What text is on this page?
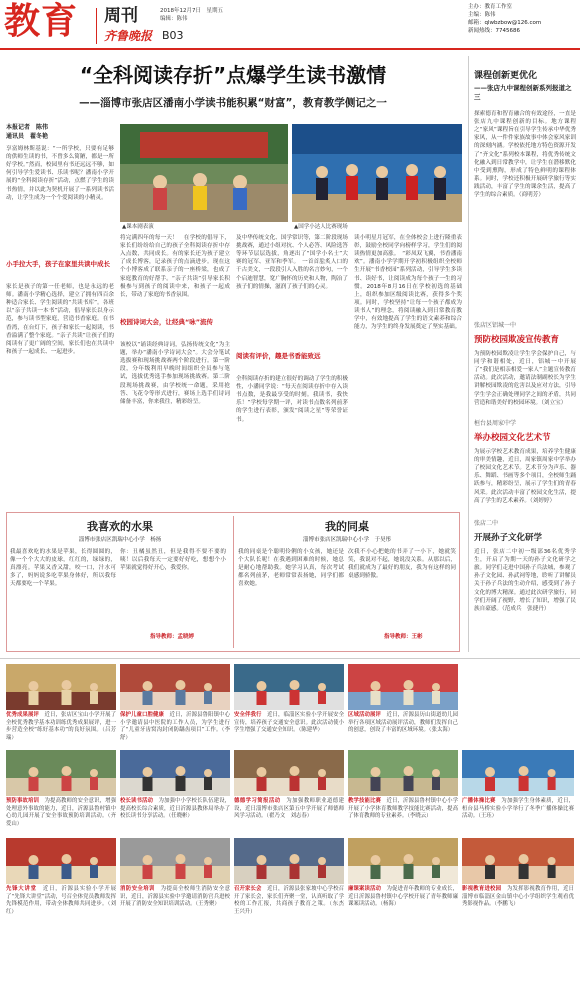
教育 周刊	2018年12月7日　星期五
编辑：陈伟
齐鲁晚报 B03
主办：教育工作室
主编：陈伟
邮箱：qlwbzbow@126.com
新闻热线：7745686
“全科阅读存折”点爆学生读书激情
——淄博市张店区潘南小学读书能积累“财富”，教育教学侧记之一
本报记者　陈伟
通讯员　翟冬艳
享富姆林斯基说：“一所学校，只要有足够的供师生读的书，不曾多么简陋，都是一所好学校。”然而，校园里有书还远远不够，如何引导学生爱读书、乐读书呢？潘南小学开展的“全科阅读存折”活动，点燃了学生的读书热情，并以此为契机开展了一系列读书活动，让学生成为一个个爱阅读的小精灵。
小手拉大手，孩子在家里共读中成长
家长是孩子的第一任老师，也是永远的老师。潘南小学精心选择，建立了拥有四百余种适合家长、学生阅读的“共读书库”。各班以“亲子共读一本书”活动，倡导家长以身示范，参与读书型家庭，营造书香家庭。在书香湾，在台灯下，孩子和家长一起阅读，书香溢满了整个家庭。“亲子共读”让孩子们的阅读有了更广阔的空间，家长们也在共读中和孩子一起成长、一起进步。
▲课本剧表演	▲国学小达人比赛现场
将完满四年的每一天！　在学校的倡导下，家长们纷纷给自己的孩子全科阅读存折中存入点数，共同成长。有的家长还为孩子建立了成长博客，记录孩子的点滴进步。现在这个小博客成了联系亲子的一座桥梁，也成了家庭教育的好帮手。“亲子共读”引导家长积极参与到孩子的阅读中来，和孩子一起成长，带动了家庭的书香氛围。
校园诗词大会，让经典“咏”流传
该校以“诵读经典诗词，弘扬传统文化”为主题，举办“潘南小学诗词大会”。大会分笔试选拔赛和现场挑战赛两个阶段进行。第一阶段，分年级利用早晚时间组织全员参与笔试，选拔优秀选手参加现场挑战赛。第二阶段现场挑战赛，由学校统一命题，采用抢答、飞花令等形式进行，赛场上选手们诗词储备丰富，你来我往，精彩纷呈。
及中华传统文化、国学常识等，第二阶段现场挑战赛，通过小组对抗、个人必答、风险选答等环节层层选拔，角逐出了“国学小名士”大赛的冠军、亚军和季军。　一首首脍炙人口的千古美文，一段段引人入胜的名言妙句，一个个启迪智慧，宽广胸怀的历史和人物，陶冶了孩子们的情操，滋润了孩子们的心灵。
阅读有评价，趣是书香能致远
全科阅读存折的建立很好的调动了学生的积极性，小潘同学说：“每天在阅读存折中存入读书点数，是我最享受的时刻。我读书，我快乐！”学校每学期一评，对读书点数名列前茅的学生进行表彰，颁发“阅读之星”等荣誉证书。
读小明星月冠军，在全体校会上进行隆重表彰，鼓励全校同学向榜样学习，学生们的阅读热情更加高涨。　“彩凤双飞翼，书香潘南欢”。潘南小学学期开学初积极组织全校师生开展“书香校园”系列活动，引导学生多读书、读好书，让阅读成为每个孩子一生的习惯。2018年8月16日在学校初选的基础上，组织参加区级阅读比赛，获得多个奖项。同时，学校坚持“让每一个孩子都成为读书人”的理念，将阅读融入到日常教育教学中，有效地提高了学生的语文素养和综合能力，为学生的终身发展奠定了坚实基础。
我喜欢的水果
淄博市张店区凯瑞中心小学　杨扬
我最喜欢吃的水果是苹果，长得圆圆的，像一个个大大的皮球，红红的，绿绿的，真漂亮。苹果又香又甜，咬一口，汁水可多了，妈妈说多吃苹果身体好，所以我每天都要吃一个苹果。
你：丑橘虽然丑，但是我得不要不要的咦！以后我每天一定要好好吃，想想个小苹果就觉得好开心，我爱你。
指导教师：孟晓婷
我的同桌
淄博市张店区凯瑞中心小学　于昊彤
我的同桌是个聪明伶俐的小女孩，她还是个大队长呢！在我遇到困难的时候，她总是耐心地帮助我。她学习认真，每次考试都名列前茅，老师常常表扬她，同学们都喜欢她。
次我不小心把她的书弄了一小下，她就笑笑，我说对不起，她说没关系。从那以后，我们就成为了最好的朋友，我为有这样的同桌感到骄傲。
指导教师：王彬
课程创新更优化
——张店九中课程创新系列报道之三
探索德育和智育融合的有效途径，一直是张店九中课程创新的目标。地方课程之“家风”课程旨在引导学生传承中华优秀家风，从一件件家族故事中体会家风家训的深刻内涵。学校依托地方特色资源开发了“齐文化”系列校本课程，将优秀传统文化融入到日常教学中，让学生在潜移默化中受到熏陶，形成了特色鲜明的课程体系。同时，学校还积极开展研学旅行等实践活动，丰富了学生的课余生活，提高了学生的综合素质。（商明芳）
张店区铝城一中
预防校园欺凌宣传教育
为预防校园欺凌让学生学会保护自己，与同学和谐相处，近日，铝城一中开展了“我们是相亲相爱一家人”主题宣传教育活动。此次活动，邀请法制副校长为学生讲解校园欺凌的危害以及应对方法，引导学生学会正确处理同学之间的矛盾，共同营造和谐美好的校园环境。（刘立宝）
桓台县周家中学
举办校园文化艺术节
为展示学校艺术教育成果，培养学生健康的审美情趣，近日，周家镇周家中学举办了校园文化艺术节。艺术节分为声乐、器乐、舞蹈、书画等多个项目，全校师生踊跃参与，精彩纷呈，展示了学生们的青春风采。此次活动丰富了校园文化生活，提高了学生的艺术素养。（刘婷婷）
张店二中
开展孙子文化研学
近日，张店二中初一级部36名优秀学生，开启了为期一天的孙子文化研学之旅。同学们走进中国孙子兵法城，参观了孙子文化园、孙武祠等地，聆听了讲解员关于孙子兵法的生动介绍，感受到了孙子文化的博大精深。通过此次研学旅行，同学们开阔了视野，增长了知识，增强了民族自豪感。（范成兵　张捷丹）
优秀成果展评　近日，张店区宝山小学开展了全校优秀教学基本功训练优秀成果展评，进一步营造全校“练好基本功”的良好氛围。（吕芳瑞）
保护儿童口腔健康　近日，沂源县鲁阳镇中心小学邀请县中医院的工作人员，为学生进行了“儿童牙齿窝沟封闭防龋齿项目”工作。（李舒）
安全伴我行　近日，临淄区实验小学开展安全宣传，培养孩子交通安全意识。此次活动使小学生增强了交通安全知识。（陈建华）
区域活动展评　近日，沂源县历山街道幼儿园举行各项区域活动展评活动，教师们发挥自己的创意，创设了丰富的区域环境。（张太海）
预防事故培训　为提高教师的安全意识，增强处理意外事故的能力，近日，沂源县鲁村镇中心幼儿园开展了安全事故预防培训活动。（齐爱山）
校长读书活动　为加强中小学校长队伍建设，提高校长综合素质，近日沂源县教体局举办了校长读书分享活动。（任晓彬）
德德学习简报活动　为加强教师职业道德建设，近日淄博市张店区第五中学开展了师德师风学习活动。（翟乃文　刘志春）
教学技能比赛　近日，沂源县鲁村镇中心小学开展了小学体育教师教学技能比赛活动，提高了体育教师的专业素养。（李晓云）
先锋大讲堂　近日，沂源县实验小学开展了“先锋大讲堂”活动，号召全体党员教师发挥先锋模范作用，带动全体教师共同进步。（刘红）
消防安全培训　为提高全校师生消防安全意识，近日，沂源县实验中学邀请消防官兵进校开展了消防安全知识培训活动。（王秀聚）
召开家长会　近日，沂源县张家坡中心学校召开了家长会，家长们齐聚一堂，认真听取了学校的工作汇报，共商孩子教育之策。（东杰　王兴升）
廉课案读活动　为促进青年教师的专业成长，近日沂源县鲁村镇中心学校开展了青年教师廉课案读活动。（杨海）
广播体操比赛　为加强学生身体素质，近日，桓台县马桥实验小学举行了冬季广播体操比赛活动。（王珏）
影视教育进校园　为发挥影视教育作用，近日淄博市临淄区金山镇中心小学组织学生观看优秀影视作品。（李鹏飞）
